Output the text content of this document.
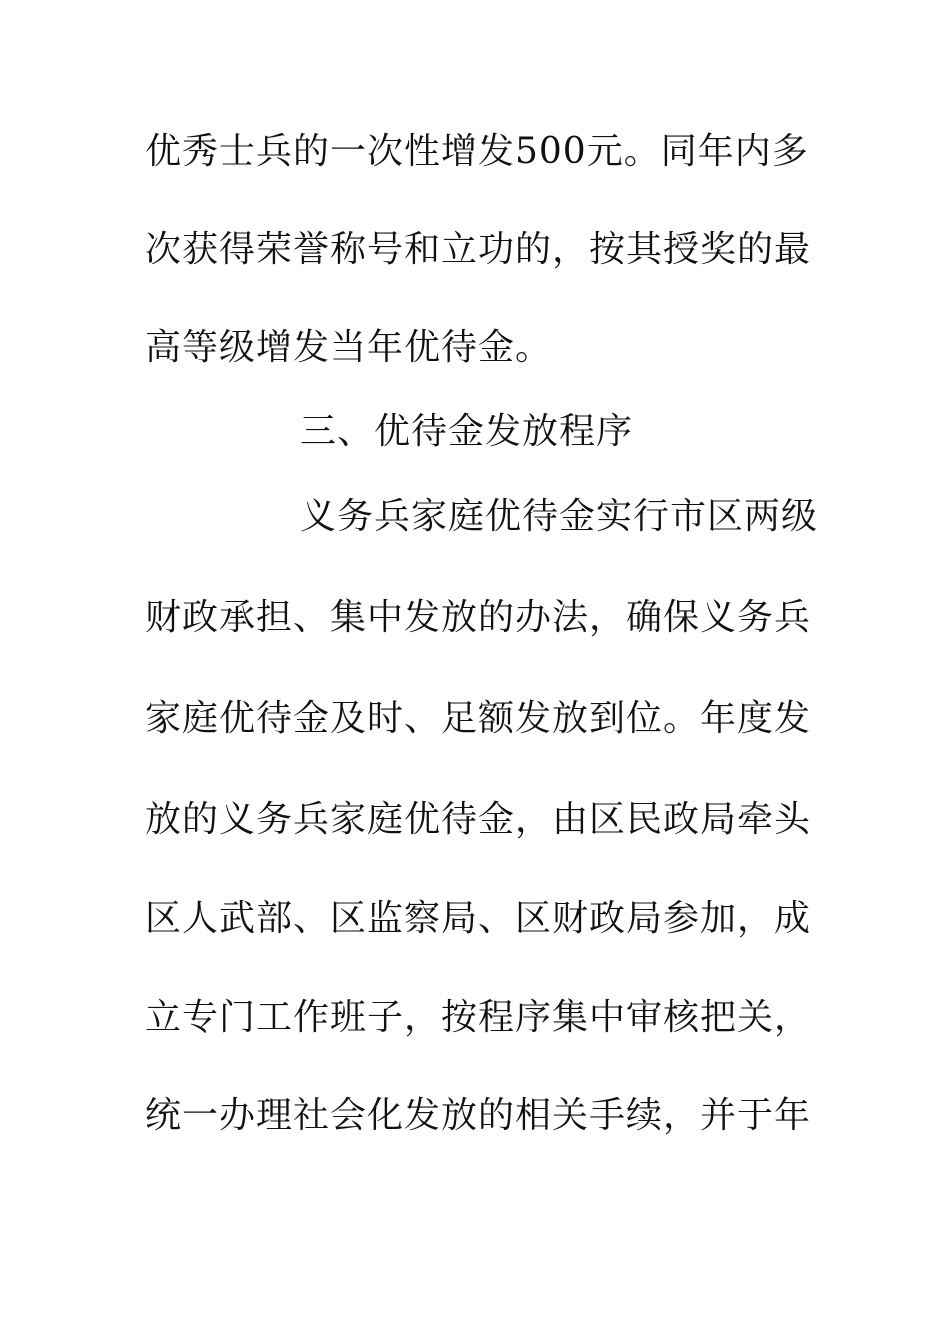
优秀士兵的一次性增发500元。同年内多
次获得荣誉称号和立功的，按其授奖的最
高等级增发当年优待金。
三、优待金发放程序
义务兵家庭优待金实行市区两级
财政承担、集中发放的办法，确保义务兵
家庭优待金及时、足额发放到位。年度发
放的义务兵家庭优待金，由区民政局牵头
区人武部、区监察局、区财政局参加，成
立专门工作班子，按程序集中审核把关，
统一办理社会化发放的相关手续，并于年
